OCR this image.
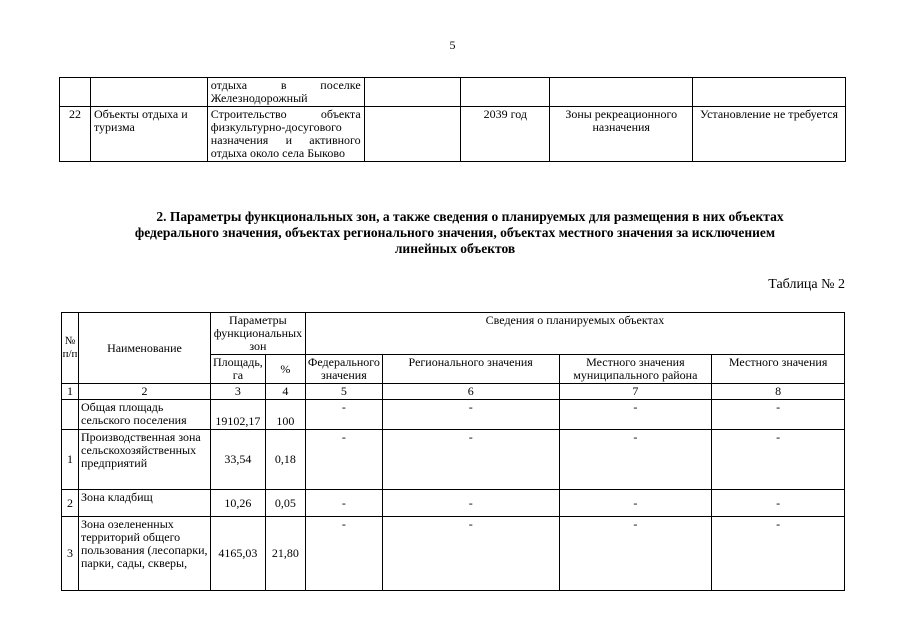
5

		отдыха в поселке
Железнодорожный				

22	Объекты отдыха и туризма	Строительство объекта физкультурно-досугового назначения и активного отдыха около села Быково		2039 год	Зоны рекреационного назначения	Установление не требуется
2. Параметры функциональных зон, а также сведения о планируемых для размещения в них объектах
федерального значения, объектах регионального значения, объектах местного значения за исключением
линейных объектов
Таблица № 2
№ п/п	Наименование	Параметры функциональных зон		Сведения о планируемых объектах			
		Площадь, га	%	Федерального значения	Регионального значения	Местного значения муниципального района	Местного значения
1	2	3	4	5	6	7	8
	Общая площадь сельского поселения	19102,17	100	-	-	-	-
1	Производственная зона сельскохозяйственных предприятий	33,54	0,18	-	-	-	-
2	Зона кладбищ	10,26	0,05	-	-	-	-
3	Зона озелененных территорий общего пользования (лесопарки, парки, сады, скверы,	4165,03	21,80	-	-	-	-
